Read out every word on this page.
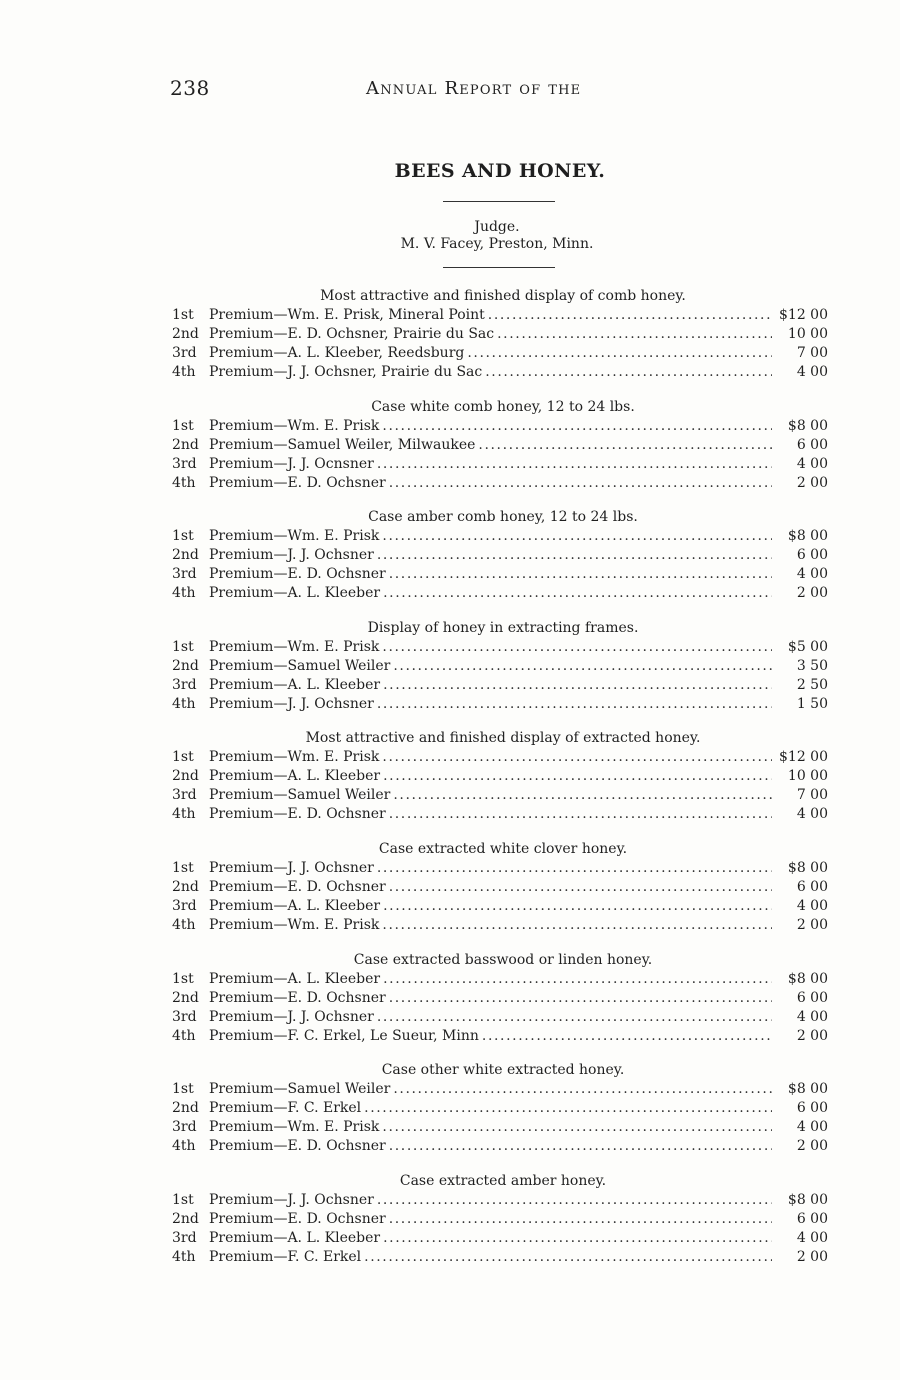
238	Annual Report of the
BEES AND HONEY.
Judge.
M. V. Facey, Preston, Minn.
Most attractive and finished display of comb honey.
1st	Premium—Wm. E. Prisk, Mineral Point .....	$12 00
2nd Premium—E. D. Ochsner, Prairie du Sac .....	10 00
3rd Premium—A. L. Kleeber, Reedsburg .....	7 00
4th Premium—J. J. Ochsner, Prairie du Sac .....	4 00
Case white comb honey, 12 to 24 lbs.
1st	Premium—Wm. E. Prisk .....	$8 00
2nd Premium—Samuel Weiler, Milwaukee .....	6 00
3rd Premium—J. J. Ocnsner .....	4 00
4th Premium—E. D. Ochsner .....	2 00
Case amber comb honey, 12 to 24 lbs.
1st	Premium—Wm. E. Prisk .....	$8 00
2nd Premium—J. J. Ochsner .....	6 00
3rd Premium—E. D. Ochsner .....	4 00
4th Premium—A. L. Kleeber .....	2 00
Display of honey in extracting frames.
1st	Premium—Wm. E. Prisk .....	$5 00
2nd Premium—Samuel Weiler .....	3 50
3rd Premium—A. L. Kleeber .....	2 50
4th Premium—J. J. Ochsner .....	1 50
Most attractive and finished display of extracted honey.
1st	Premium—Wm. E. Prisk .....	$12 00
2nd Premium—A. L. Kleeber .....	10 00
3rd Premium—Samuel Weiler .....	7 00
4th Premium—E. D. Ochsner .....	4 00
Case extracted white clover honey.
1st	Premium—J. J. Ochsner .....	$8 00
2nd Premium—E. D. Ochsner .....	6 00
3rd Premium—A. L. Kleeber .....	4 00
4th Premium—Wm. E. Prisk .....	2 00
Case extracted basswood or linden honey.
1st	Premium—A. L. Kleeber .....	$8 00
2nd Premium—E. D. Ochsner .....	6 00
3rd Premium—J. J. Ochsner .....	4 00
4th Premium—F. C. Erkel, Le Sueur, Minn .....	2 00
Case other white extracted honey.
1st	Premium—Samuel Weiler .....	$8 00
2nd Premium—F. C. Erkel .....	6 00
3rd Premium—Wm. E. Prisk .....	4 00
4th Premium—E. D. Ochsner .....	2 00
Case extracted amber honey.
1st	Premium—J. J. Ochsner .....	$8 00
2nd Premium—E. D. Ochsner .....	6 00
3rd Premium—A. L. Kleeber .....	4 00
4th Premium—F. C. Erkel .....	2 00
